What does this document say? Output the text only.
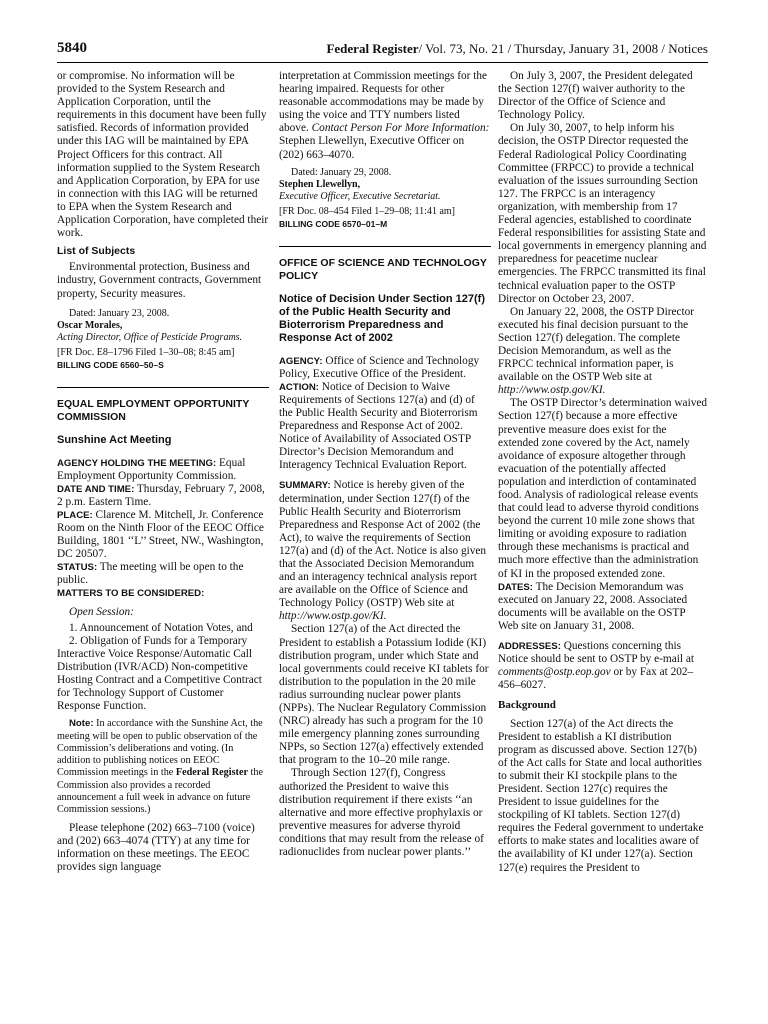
5840	Federal Register/ Vol. 73, No. 21 / Thursday, January 31, 2008 / Notices

or compromise. No information will be provided to the System Research and Application Corporation, until the requirements in this document have been fully satisfied. Records of information provided under this IAG will be maintained by EPA Project Officers for this contract. All information supplied to the System Research and Application Corporation, by EPA for use in connection with this IAG will be returned to EPA when the System Research and Application Corporation, have completed their work.

List of Subjects

Environmental protection, Business and industry, Government contracts, Government property, Security measures.

Dated: January 23, 2008.

Oscar Morales,

Acting Director, Office of Pesticide Programs.

[FR Doc. E8–1796 Filed 1–30–08; 8:45 am]

BILLING CODE 6560–50–S

EQUAL EMPLOYMENT OPPORTUNITY COMMISSION

Sunshine Act Meeting

AGENCY HOLDING THE MEETING: Equal Employment Opportunity Commission.

DATE AND TIME: Thursday, February 7, 2008, 2 p.m. Eastern Time.

PLACE: Clarence M. Mitchell, Jr. Conference Room on the Ninth Floor of the EEOC Office Building, 1801 ‘‘L’’ Street, NW., Washington, DC 20507.

STATUS: The meeting will be open to the public.

MATTERS TO BE CONSIDERED:

Open Session:

1. Announcement of Notation Votes, and

2. Obligation of Funds for a Temporary Interactive Voice Response/Automatic Call Distribution (IVR/ACD) Non-competitive Hosting Contract and a Competitive Contract for Technology Support of Customer Response Function.

Note: In accordance with the Sunshine Act, the meeting will be open to public observation of the Commission’s deliberations and voting. (In addition to publishing notices on EEOC Commission meetings in the Federal Register the Commission also provides a recorded announcement a full week in advance on future Commission sessions.)

Please telephone (202) 663–7100 (voice) and (202) 663–4074 (TTY) at any time for information on these meetings. The EEOC provides sign language

interpretation at Commission meetings for the hearing impaired. Requests for other reasonable accommodations may be made by using the voice and TTY numbers listed above. Contact Person For More Information: Stephen Llewellyn, Executive Officer on (202) 663–4070.

Dated: January 29, 2008.

Stephen Llewellyn,

Executive Officer, Executive Secretariat.

[FR Doc. 08–454 Filed 1–29–08; 11:41 am]

BILLING CODE 6570–01–M

OFFICE OF SCIENCE AND TECHNOLOGY POLICY

Notice of Decision Under Section 127(f) of the Public Health Security and Bioterrorism Preparedness and Response Act of 2002

AGENCY: Office of Science and Technology Policy, Executive Office of the President.

ACTION: Notice of Decision to Waive Requirements of Sections 127(a) and (d) of the Public Health Security and Bioterrorism Preparedness and Response Act of 2002. Notice of Availability of Associated OSTP Director’s Decision Memorandum and Interagency Technical Evaluation Report.

SUMMARY: Notice is hereby given of the determination, under Section 127(f) of the Public Health Security and Bioterrorism Preparedness and Response Act of 2002 (the Act), to waive the requirements of Section 127(a) and (d) of the Act. Notice is also given that the Associated Decision Memorandum and an interagency technical analysis report are available on the Office of Science and Technology Policy (OSTP) Web site at http://www.ostp.gov/KI.

Section 127(a) of the Act directed the President to establish a Potassium Iodide (KI) distribution program, under which State and local governments could receive KI tablets for distribution to the population in the 20 mile radius surrounding nuclear power plants (NPPs). The Nuclear Regulatory Commission (NRC) already has such a program for the 10 mile emergency planning zones surrounding NPPs, so Section 127(a) effectively extended that program to the 10–20 mile range.

Through Section 127(f), Congress authorized the President to waive this distribution requirement if there exists ‘‘an alternative and more effective prophylaxis or preventive measures for adverse thyroid conditions that may result from the release of radionuclides from nuclear power plants.’’

On July 3, 2007, the President delegated the Section 127(f) waiver authority to the Director of the Office of Science and Technology Policy.

On July 30, 2007, to help inform his decision, the OSTP Director requested the Federal Radiological Policy Coordinating Committee (FRPCC) to provide a technical evaluation of the issues surrounding Section 127. The FRPCC is an interagency organization, with membership from 17 Federal agencies, established to coordinate Federal responsibilities for assisting State and local governments in emergency planning and preparedness for peacetime nuclear emergencies. The FRPCC transmitted its final technical evaluation paper to the OSTP Director on October 23, 2007.

On January 22, 2008, the OSTP Director executed his final decision pursuant to the Section 127(f) delegation. The complete Decision Memorandum, as well as the FRPCC technical information paper, is available on the OSTP Web site at http://www.ostp.gov/KI.

The OSTP Director’s determination waived Section 127(f) because a more effective preventive measure does exist for the extended zone covered by the Act, namely avoidance of exposure altogether through evacuation of the potentially affected population and interdiction of contaminated food. Analysis of radiological release events that could lead to adverse thyroid conditions beyond the current 10 mile zone shows that limiting or avoiding exposure to radiation through these mechanisms is practical and much more effective than the administration of KI in the proposed extended zone.

DATES: The Decision Memorandum was executed on January 22, 2008. Associated documents will be available on the OSTP Web site on January 31, 2008.

ADDRESSES: Questions concerning this Notice should be sent to OSTP by e-mail at comments@ostp.eop.gov or by Fax at 202–456–6027.

Background

Section 127(a) of the Act directs the President to establish a KI distribution program as discussed above. Section 127(b) of the Act calls for State and local authorities to submit their KI stockpile plans to the President. Section 127(c) requires the President to issue guidelines for the stockpiling of KI tablets. Section 127(d) requires the Federal government to undertake efforts to make states and localities aware of the availability of KI under 127(a). Section 127(e) requires the President to
